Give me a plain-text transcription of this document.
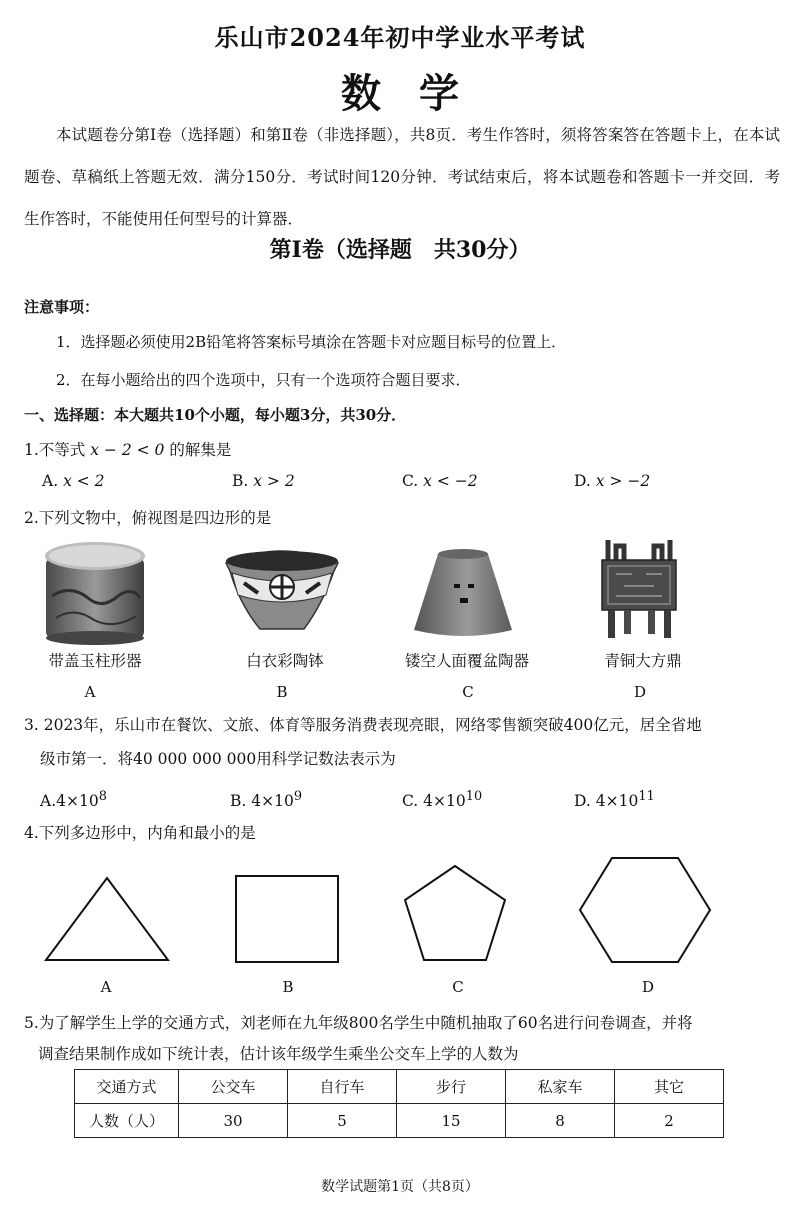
乐山市2024年初中学业水平考试
数学
本试题卷分第Ⅰ卷（选择题）和第Ⅱ卷（非选择题），共8页．考生作答时，须将答案答在答题卡上，在本试题卷、草稿纸上答题无效．满分150分．考试时间120分钟．考试结束后，将本试题卷和答题卡一并交回．考生作答时，不能使用任何型号的计算器．
第Ⅰ卷（选择题　共30分）
注意事项：
1．选择题必须使用2B铅笔将答案标号填涂在答题卡对应题目标号的位置上．
2．在每小题给出的四个选项中，只有一个选项符合题目要求．
一、选择题：本大题共10个小题，每小题3分，共30分．
1.不等式 x − 2 < 0 的解集是
A. x < 2	B. x > 2	C. x < −2	D. x > −2
2.下列文物中，俯视图是四边形的是
带盖玉柱形器
A
白衣彩陶钵
B
镂空人面覆盆陶器
C
青铜大方鼎
D
3. 2023年，乐山市在餐饮、文旅、体育等服务消费表现亮眼，网络零售额突破400亿元，居全省地
级市第一．将40 000 000 000用科学记数法表示为
$A.4\times 10^8$	B. $4\times 10^9$	C. $4\times 10^{10}$	D. $4\times 10^{11}$
4.下列多边形中，内角和最小的是
A	B	C	D
5.为了解学生上学的交通方式，刘老师在九年级800名学生中随机抽取了60名进行问卷调查，并将
调查结果制作成如下统计表，估计该年级学生乘坐公交车上学的人数为
交通方式	公交车	自行车	步行	私家车	其它
人数（人）	30	5	15	8	2
数学试题第1页（共8页）
